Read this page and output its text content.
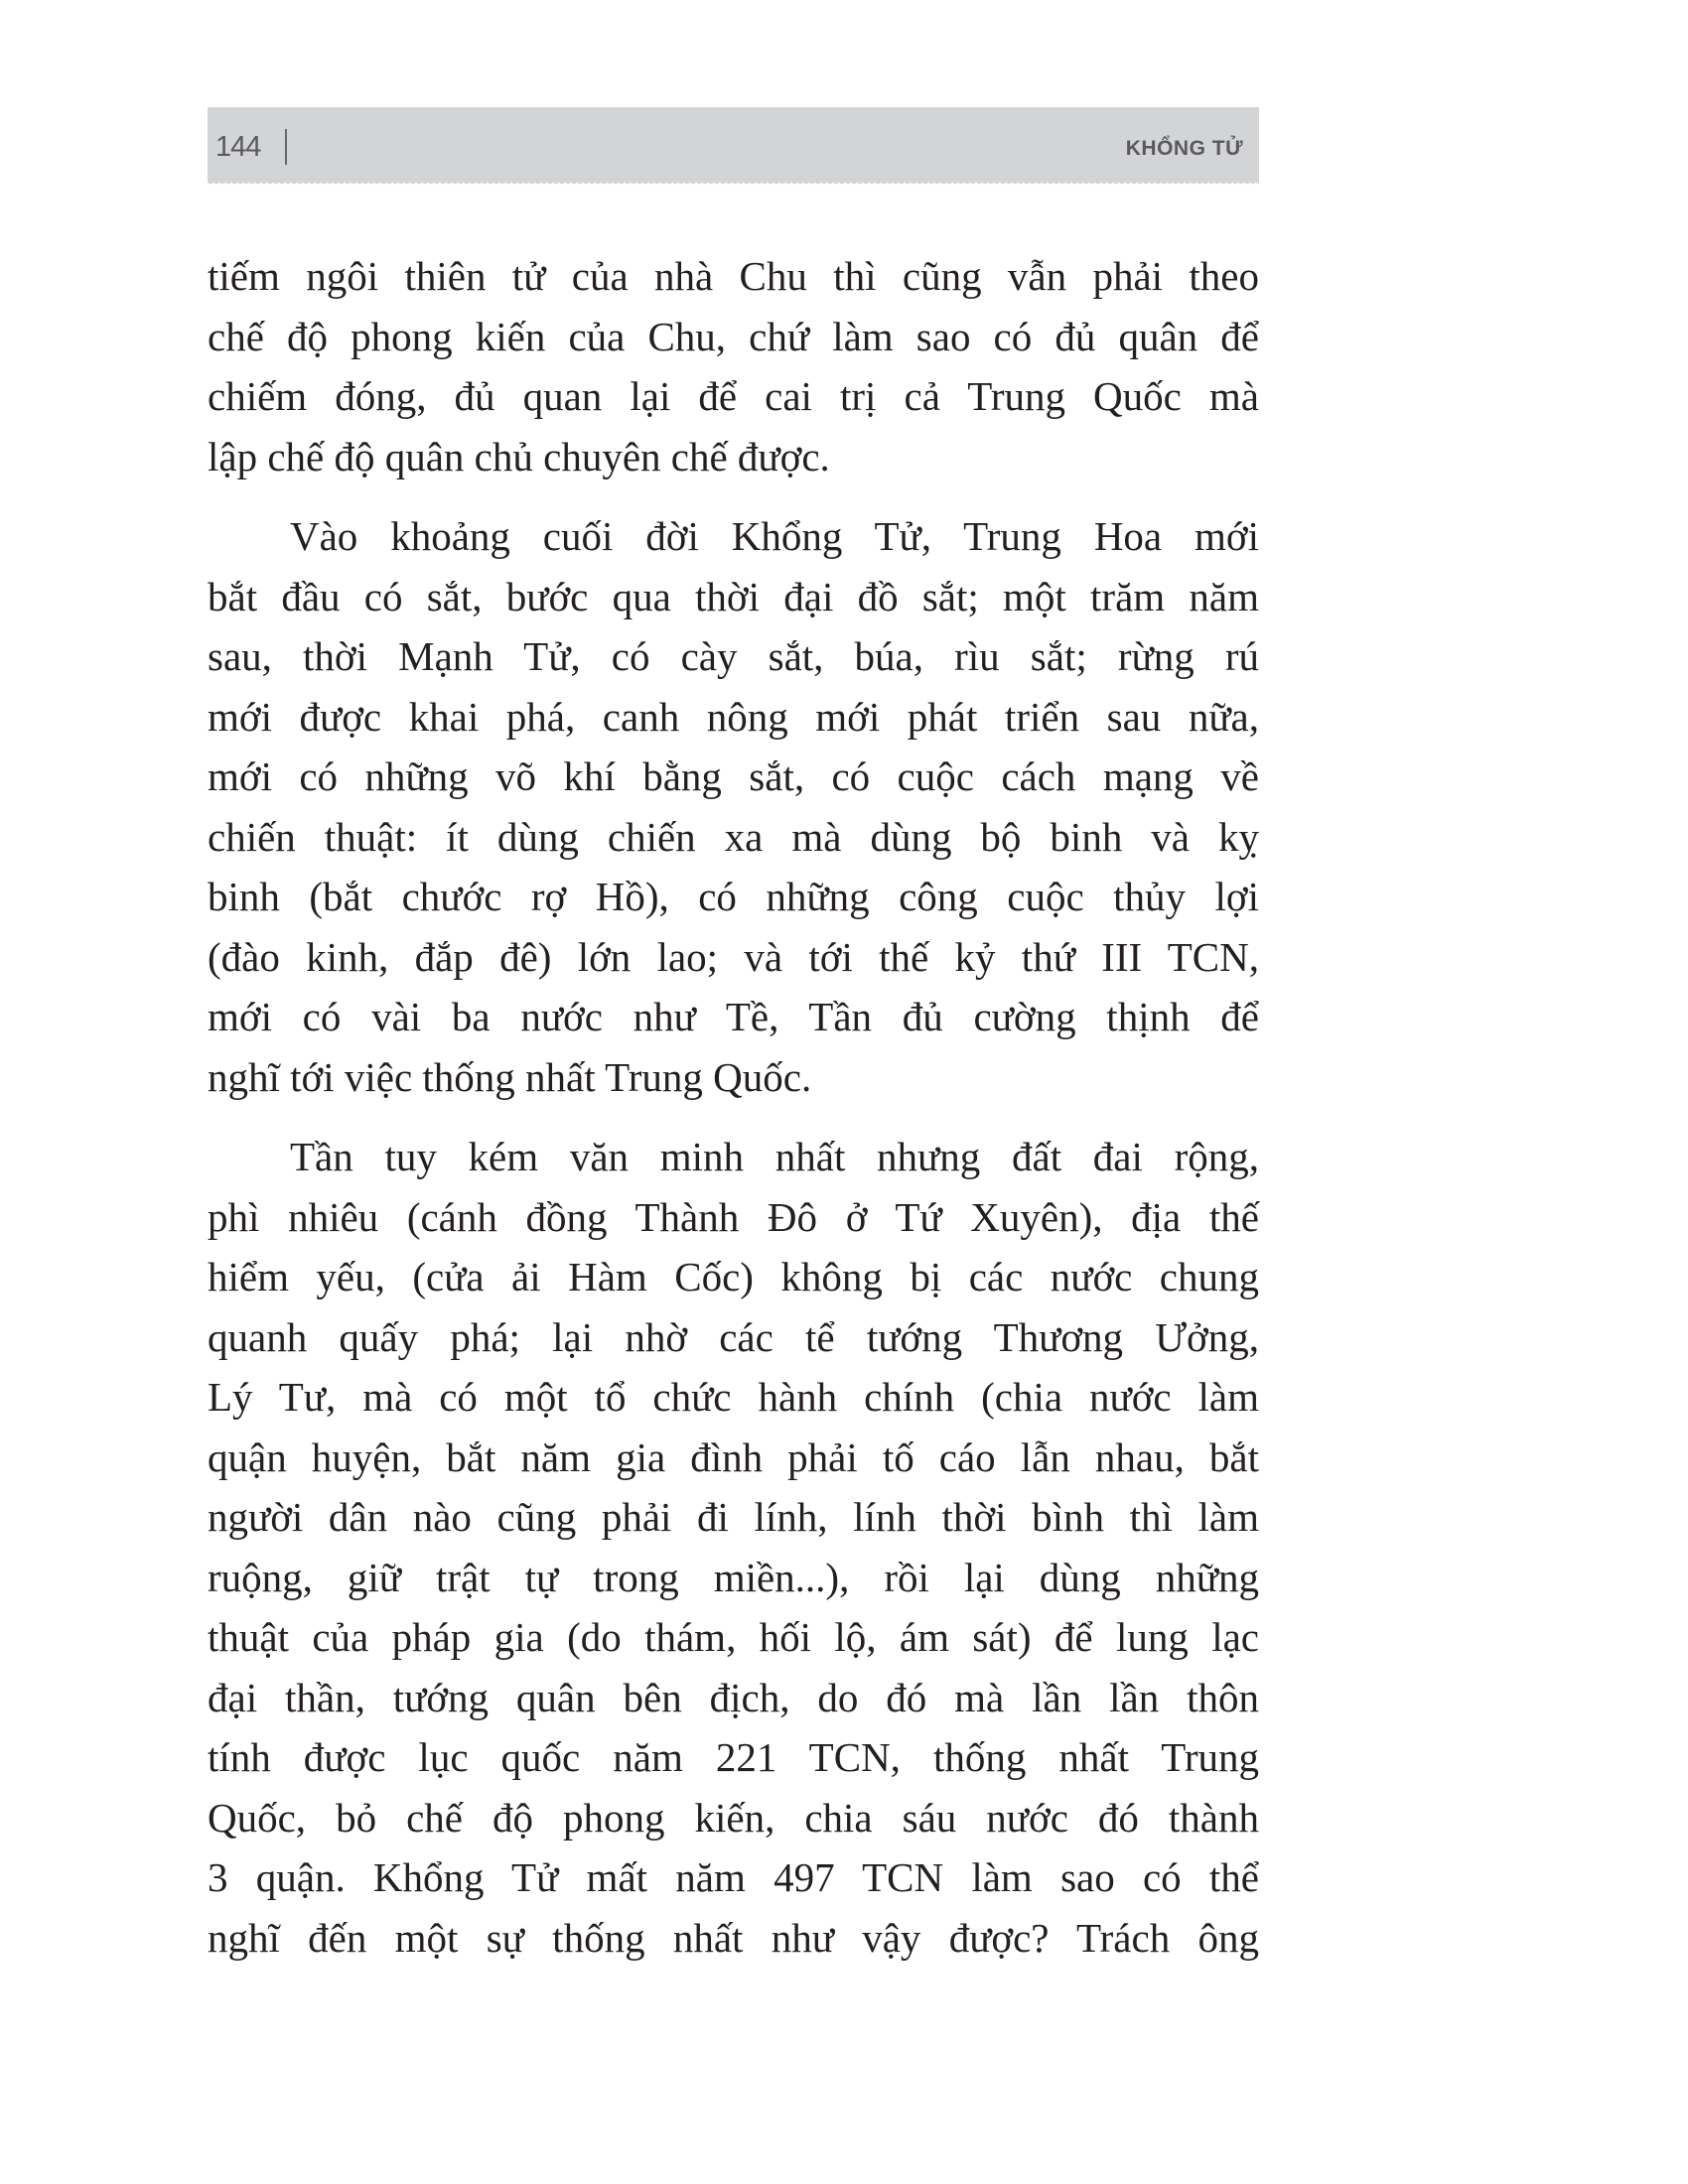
144	KHỔNG TỬ
tiếm ngôi thiên tử của nhà Chu thì cũng vẫn phải theo
chế độ phong kiến của Chu, chứ làm sao có đủ quân để
chiếm đóng, đủ quan lại để cai trị cả Trung Quốc mà
lập chế độ quân chủ chuyên chế được.
Vào khoảng cuối đời Khổng Tử, Trung Hoa mới
bắt đầu có sắt, bước qua thời đại đồ sắt; một trăm năm
sau, thời Mạnh Tử, có cày sắt, búa, rìu sắt; rừng rú
mới được khai phá, canh nông mới phát triển sau nữa,
mới có những võ khí bằng sắt, có cuộc cách mạng về
chiến thuật: ít dùng chiến xa mà dùng bộ binh và kỵ
binh (bắt chước rợ Hồ), có những công cuộc thủy lợi
(đào kinh, đắp đê) lớn lao; và tới thế kỷ thứ III TCN,
mới có vài ba nước như Tề, Tần đủ cường thịnh để
nghĩ tới việc thống nhất Trung Quốc.
Tần tuy kém văn minh nhất nhưng đất đai rộng,
phì nhiêu (cánh đồng Thành Đô ở Tứ Xuyên), địa thế
hiểm yếu, (cửa ải Hàm Cốc) không bị các nước chung
quanh quấy phá; lại nhờ các tể tướng Thương Ưởng,
Lý Tư, mà có một tổ chức hành chính (chia nước làm
quận huyện, bắt năm gia đình phải tố cáo lẫn nhau, bắt
người dân nào cũng phải đi lính, lính thời bình thì làm
ruộng, giữ trật tự trong miền...), rồi lại dùng những
thuật của pháp gia (do thám, hối lộ, ám sát) để lung lạc
đại thần, tướng quân bên địch, do đó mà lần lần thôn
tính được lục quốc năm 221 TCN, thống nhất Trung
Quốc, bỏ chế độ phong kiến, chia sáu nước đó thành
3 quận. Khổng Tử mất năm 497 TCN làm sao có thể
nghĩ đến một sự thống nhất như vậy được? Trách ông
